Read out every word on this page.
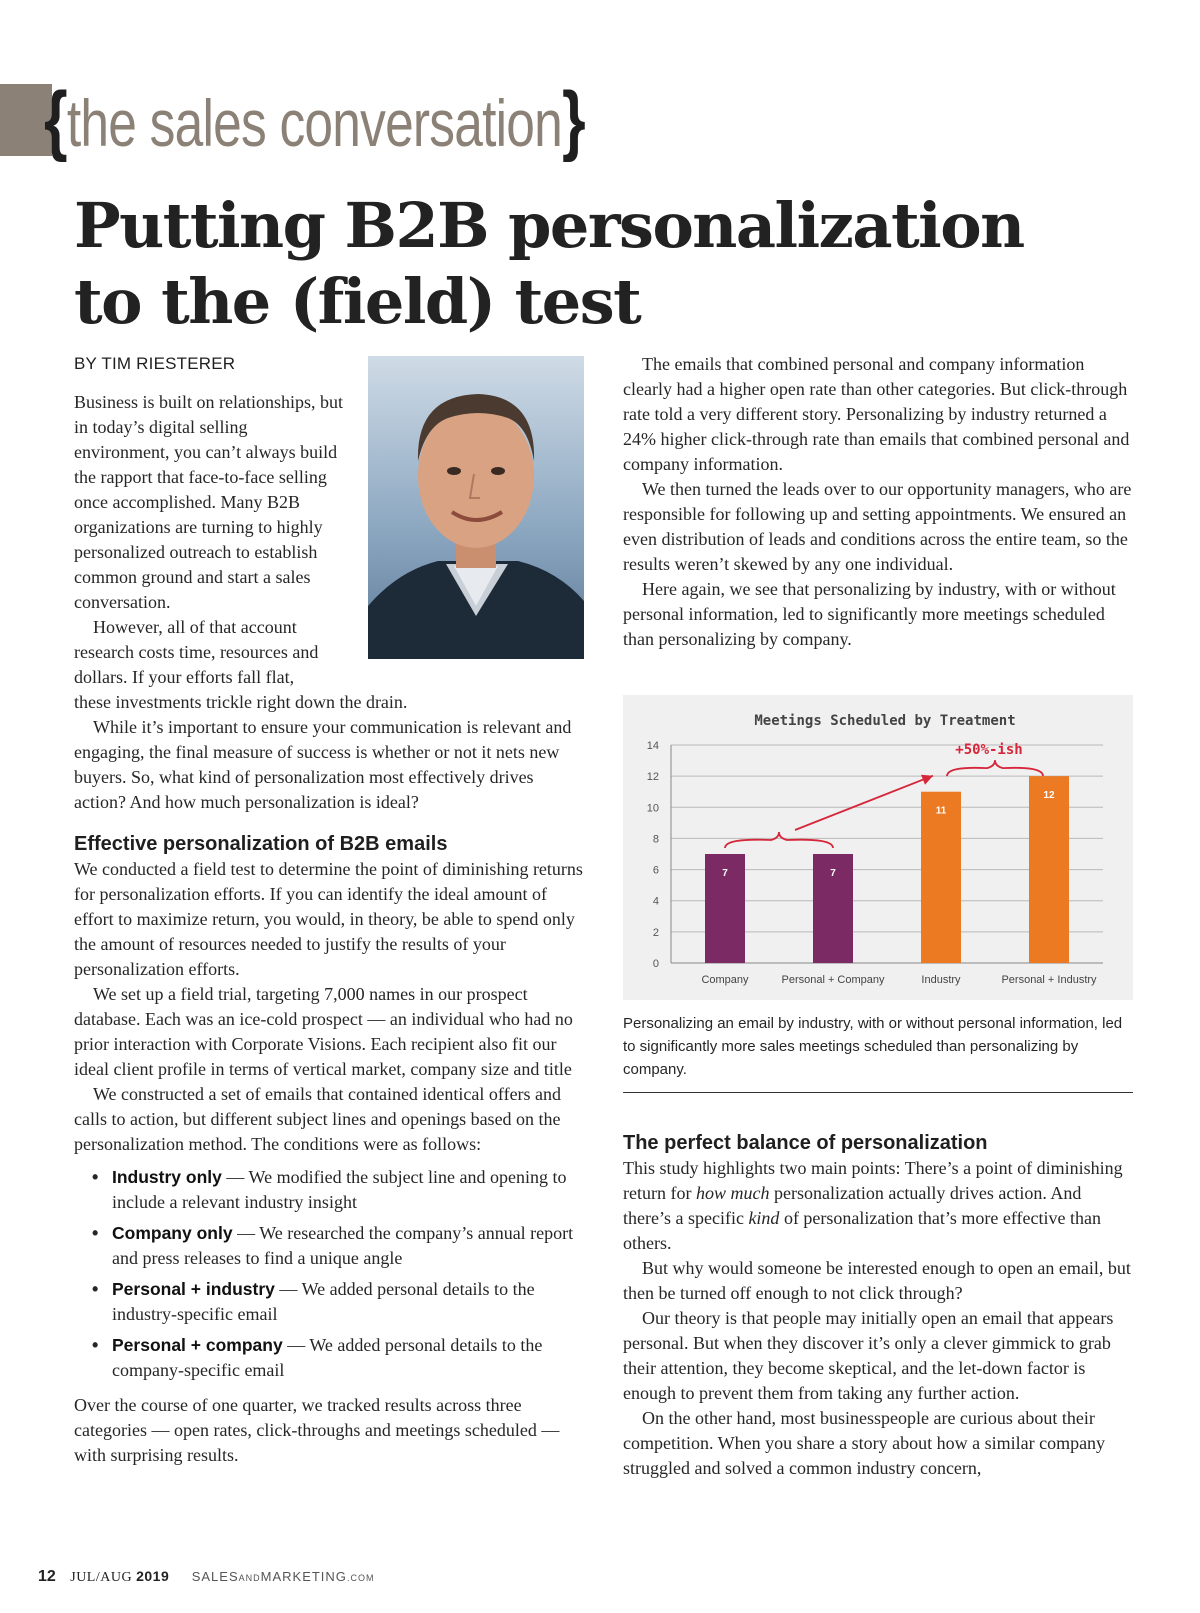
{the sales conversation}
Putting B2B personalization
to the (field) test
BY TIM RIESTERER

Business is built on relationships, but in today’s digital selling environment, you can’t always build the rapport that face-to-face selling once accomplished. Many B2B organizations are turning to highly personalized outreach to establish common ground and start a sales conversation.

However, all of that account research costs time, resources and dollars. If your efforts fall flat,

these investments trickle right down the drain.

While it’s important to ensure your communication is relevant and engaging, the final measure of success is whether or not it nets new buyers. So, what kind of personalization most effectively drives action? And how much personalization is ideal?

Effective personalization of B2B emails

We conducted a field test to determine the point of diminishing returns for personalization efforts. If you can identify the ideal amount of effort to maximize return, you would, in theory, be able to spend only the amount of resources needed to justify the results of your personalization efforts.

We set up a field trial, targeting 7,000 names in our prospect database. Each was an ice-cold prospect — an individual who had no prior interaction with Corporate Visions. Each recipient also fit our ideal client profile in terms of vertical market, company size and title

We constructed a set of emails that contained identical offers and calls to action, but different subject lines and openings based on the personalization method. The conditions were as follows:

• Industry only — We modified the subject line and opening to include a relevant industry insight
• Company only — We researched the company’s annual report and press releases to find a unique angle
• Personal + industry — We added personal details to the industry-specific email
• Personal + company — We added personal details to the company-specific email

Over the course of one quarter, we tracked results across three categories — open rates, click-throughs and meetings scheduled — with surprising results.

The emails that combined personal and company information clearly had a higher open rate than other categories. But click-through rate told a very different story. Personalizing by industry returned a 24% higher click-through rate than emails that combined personal and company information.

We then turned the leads over to our opportunity managers, who are responsible for following up and setting appointments. We ensured an even distribution of leads and conditions across the entire team, so the results weren’t skewed by any one individual.

Here again, we see that personalizing by industry, with or without personal information, led to significantly more meetings scheduled than personalizing by company.

Meetings Scheduled by Treatment
0
2
4
6
8
10
12
14
7
Company
7
Personal + Company
11
Industry
12
Personal + Industry
+50%-ish
Personalizing an email by industry, with or without personal information, led to significantly more sales meetings scheduled than personalizing by company.
The perfect balance of personalization

This study highlights two main points: There’s a point of diminishing return for how much personalization actually drives action. And there’s a specific kind of personalization that’s more effective than others.

But why would someone be interested enough to open an email, but then be turned off enough to not click through?

Our theory is that people may initially open an email that appears personal. But when they discover it’s only a clever gimmick to grab their attention, they become skeptical, and the let-down factor is enough to prevent them from taking any further action.

On the other hand, most businesspeople are curious about their competition. When you share a story about how a similar company struggled and solved a common industry concern,

12 JUL/AUG 2019 SALESANDMARKETING.COM
